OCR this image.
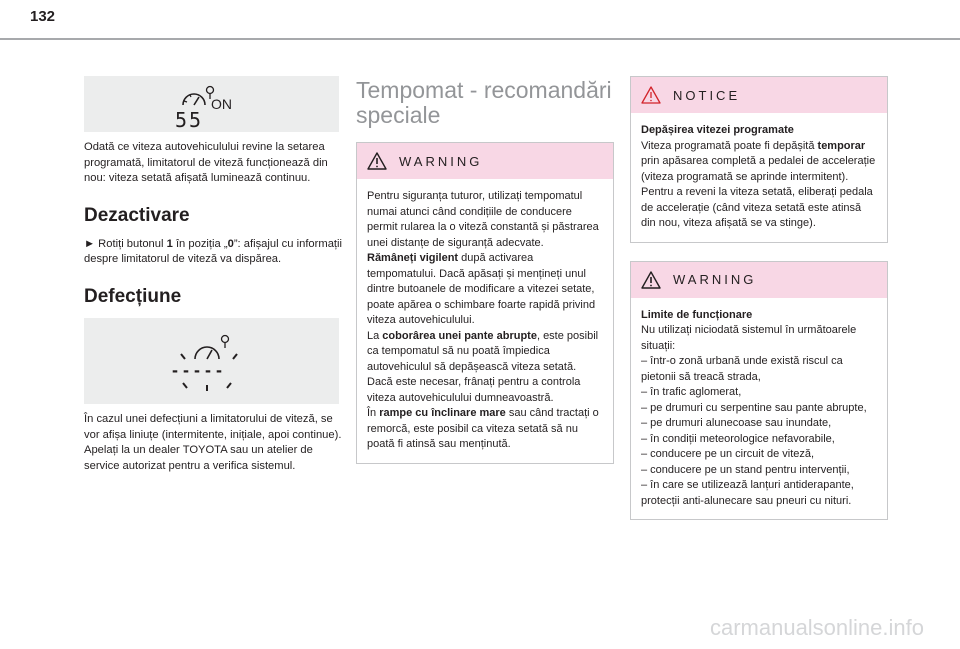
132
ON
55

Odată ce viteza autovehiculului revine la setarea programată, limitatorul de viteză funcționează din nou: viteza setată afișată luminează continuu.

Dezactivare

► Rotiți butonul 1 în poziția „0”: afișajul cu informații despre limitatorul de viteză va dispărea.

Defecțiune
- - - - -

În cazul unei defecțiuni a limitatorului de viteză, se vor afișa liniuțe (intermitente, inițiale, apoi continue).

Apelați la un dealer TOYOTA sau un atelier de service autorizat pentru a verifica sistemul.

Tempomat - recomandări speciale
WARNING

Pentru siguranța tuturor, utilizați tempomatul numai atunci când condițiile de conducere permit rularea la o viteză constantă și păstrarea unei distanțe de siguranță adecvate.

Rămâneți vigilent după activarea tempomatului. Dacă apăsați și mențineți unul dintre butoanele de modificare a vitezei setate, poate apărea o schimbare foarte rapidă privind viteza autovehiculului.

La coborârea unei pante abrupte, este posibil ca tempomatul să nu poată împiedica autovehiculul să depășească viteza setată. Dacă este necesar, frânați pentru a controla viteza autovehiculului dumneavoastră.

În rampe cu înclinare mare sau când tractați o remorcă, este posibil ca viteza setată să nu poată fi atinsă sau menținută.

NOTICE

Depășirea vitezei programate

Viteza programată poate fi depășită temporar prin apăsarea completă a pedalei de accelerație (viteza programată se aprinde intermitent).

Pentru a reveni la viteza setată, eliberați pedala de accelerație (când viteza setată este atinsă din nou, viteza afișată se va stinge).

WARNING

Limite de funcționare

Nu utilizați niciodată sistemul în următoarele situații:

– într-o zonă urbană unde există riscul ca pietonii să treacă strada,

– în trafic aglomerat,

– pe drumuri cu serpentine sau pante abrupte,

– pe drumuri alunecoase sau inundate,

– în condiții meteorologice nefavorabile,

– conducere pe un circuit de viteză,

– conducere pe un stand pentru intervenții,

– în care se utilizează lanțuri antiderapante, protecții anti-alunecare sau pneuri cu nituri.

carmanualsonline.info
